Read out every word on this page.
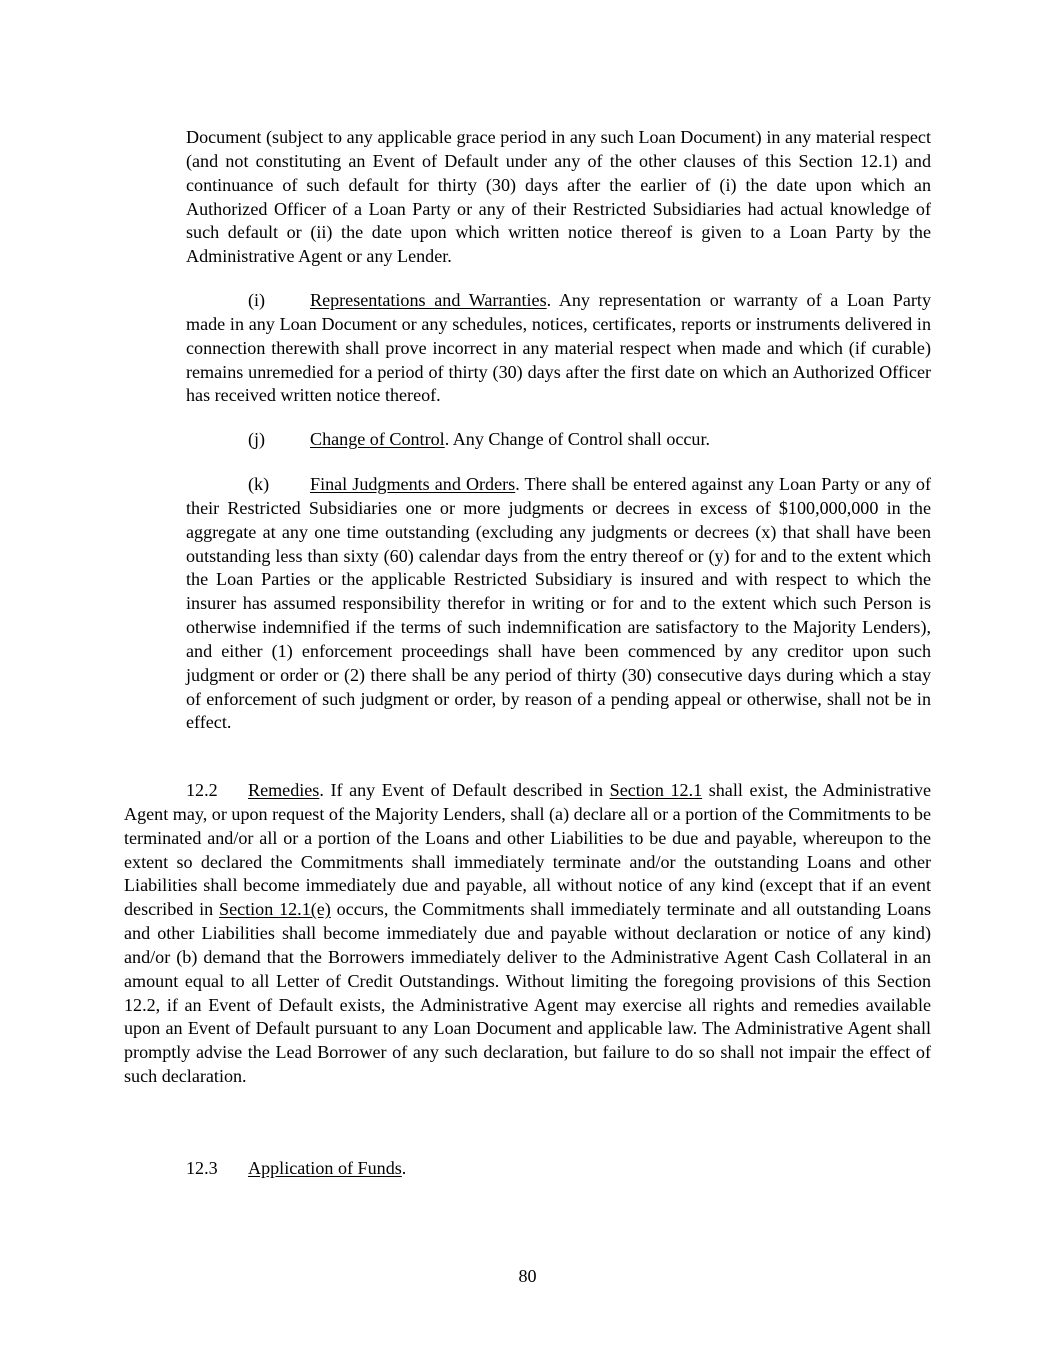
Document (subject to any applicable grace period in any such Loan Document) in any material respect (and not constituting an Event of Default under any of the other clauses of this Section 12.1) and continuance of such default for thirty (30) days after the earlier of (i) the date upon which an Authorized Officer of a Loan Party or any of their Restricted Subsidiaries had actual knowledge of such default or (ii) the date upon which written notice thereof is given to a Loan Party by the Administrative Agent or any Lender.

(i) Representations and Warranties. Any representation or warranty of a Loan Party made in any Loan Document or any schedules, notices, certificates, reports or instruments delivered in connection therewith shall prove incorrect in any material respect when made and which (if curable) remains unremedied for a period of thirty (30) days after the first date on which an Authorized Officer has received written notice thereof.

(j) Change of Control. Any Change of Control shall occur.

(k) Final Judgments and Orders. There shall be entered against any Loan Party or any of their Restricted Subsidiaries one or more judgments or decrees in excess of $100,000,000 in the aggregate at any one time outstanding (excluding any judgments or decrees (x) that shall have been outstanding less than sixty (60) calendar days from the entry thereof or (y) for and to the extent which the Loan Parties or the applicable Restricted Subsidiary is insured and with respect to which the insurer has assumed responsibility therefor in writing or for and to the extent which such Person is otherwise indemnified if the terms of such indemnification are satisfactory to the Majority Lenders), and either (1) enforcement proceedings shall have been commenced by any creditor upon such judgment or order or (2) there shall be any period of thirty (30) consecutive days during which a stay of enforcement of such judgment or order, by reason of a pending appeal or otherwise, shall not be in effect.

12.2 Remedies. If any Event of Default described in Section 12.1 shall exist, the Administrative Agent may, or upon request of the Majority Lenders, shall (a) declare all or a portion of the Commitments to be terminated and/or all or a portion of the Loans and other Liabilities to be due and payable, whereupon to the extent so declared the Commitments shall immediately terminate and/or the outstanding Loans and other Liabilities shall become immediately due and payable, all without notice of any kind (except that if an event described in Section 12.1(e) occurs, the Commitments shall immediately terminate and all outstanding Loans and other Liabilities shall become immediately due and payable without declaration or notice of any kind) and/or (b) demand that the Borrowers immediately deliver to the Administrative Agent Cash Collateral in an amount equal to all Letter of Credit Outstandings. Without limiting the foregoing provisions of this Section 12.2, if an Event of Default exists, the Administrative Agent may exercise all rights and remedies available upon an Event of Default pursuant to any Loan Document and applicable law. The Administrative Agent shall promptly advise the Lead Borrower of any such declaration, but failure to do so shall not impair the effect of such declaration.

12.3 Application of Funds.

80
